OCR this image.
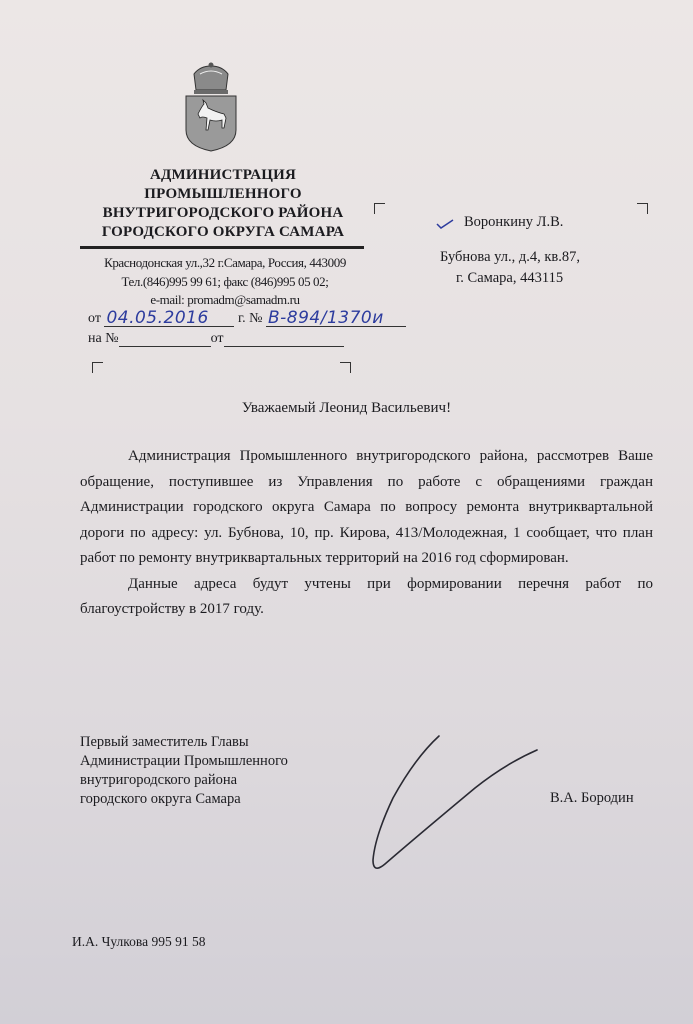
АДМИНИСТРАЦИЯ
ПРОМЫШЛЕННОГО
ВНУТРИГОРОДСКОГО РАЙОНА
ГОРОДСКОГО ОКРУГА САМАРА
Краснодонская ул.,32 г.Самара, Россия, 443009
Тел.(846)995 99 61; факс (846)995 05 02;
e-mail: promadm@samadm.ru
от 04.05.2016 г. № В-894/1370и
на №	от
Воронкину Л.В.
Бубнова ул., д.4, кв.87,
г. Самара, 443115
Уважаемый Леонид Васильевич!

Администрация Промышленного внутригородского района, рассмотрев Ваше обращение, поступившее из Управления по работе с обращениями граждан Администрации городского округа Самара по вопросу ремонта внутриквартальной дороги по адресу: ул. Бубнова, 10, пр. Кирова, 413/Молодежная, 1 сообщает, что план работ по ремонту внутриквартальных территорий на 2016 год сформирован.

Данные адреса будут учтены при формировании перечня работ по благоустройству в 2017 году.

Первый заместитель Главы
Администрации Промышленного
внутригородского района
городского округа Самара	В.А. Бородин
И.А. Чулкова 995 91 58
